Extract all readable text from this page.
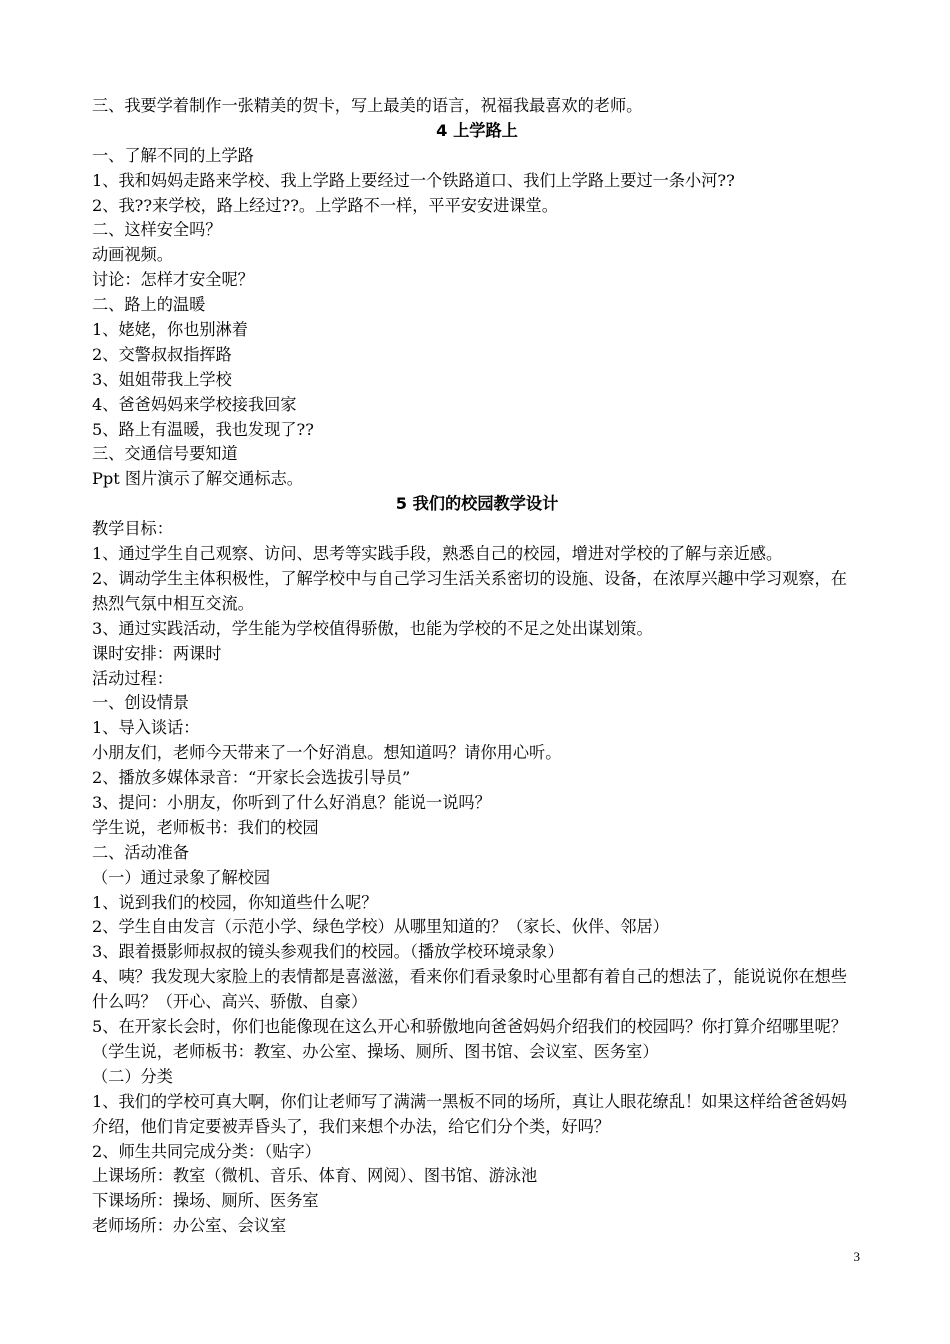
三、我要学着制作一张精美的贺卡，写上最美的语言，祝福我最喜欢的老师。
4 上学路上
一、了解不同的上学路
1、我和妈妈走路来学校、我上学路上要经过一个铁路道口、我们上学路上要过一条小河??
2、我??来学校，路上经过??。上学路不一样，平平安安进课堂。
二、这样安全吗？
动画视频。
讨论：怎样才安全呢？
二、路上的温暖
1、姥姥，你也别淋着
2、交警叔叔指挥路
3、姐姐带我上学校
4、爸爸妈妈来学校接我回家
5、路上有温暖，我也发现了??
三、交通信号要知道
Ppt 图片演示了解交通标志。
5 我们的校园教学设计
教学目标：
1、通过学生自己观察、访问、思考等实践手段，熟悉自己的校园，增进对学校的了解与亲近感。
2、调动学生主体积极性，了解学校中与自己学习生活关系密切的设施、设备，在浓厚兴趣中学习观察，在热烈气氛中相互交流。
3、通过实践活动，学生能为学校值得骄傲，也能为学校的不足之处出谋划策。
课时安排：两课时
活动过程：
一、创设情景
1、导入谈话：
小朋友们，老师今天带来了一个好消息。想知道吗？请你用心听。
2、播放多媒体录音：“开家长会选拔引导员”
3、提问：小朋友，你听到了什么好消息？能说一说吗？
学生说，老师板书：我们的校园
二、活动准备
（一）通过录象了解校园
1、说到我们的校园，你知道些什么呢？
2、学生自由发言（示范小学、绿色学校）从哪里知道的？（家长、伙伴、邻居）
3、跟着摄影师叔叔的镜头参观我们的校园。（播放学校环境录象）
4、咦？我发现大家脸上的表情都是喜滋滋，看来你们看录象时心里都有着自己的想法了，能说说你在想些什么吗？（开心、高兴、骄傲、自豪）
5、在开家长会时，你们也能像现在这么开心和骄傲地向爸爸妈妈介绍我们的校园吗？你打算介绍哪里呢？（学生说，老师板书：教室、办公室、操场、厕所、图书馆、会议室、医务室）
（二）分类
1、我们的学校可真大啊，你们让老师写了满满一黑板不同的场所，真让人眼花缭乱！如果这样给爸爸妈妈介绍，他们肯定要被弄昏头了，我们来想个办法，给它们分个类，好吗？
2、师生共同完成分类：（贴字）
上课场所：教室（微机、音乐、体育、网阅）、图书馆、游泳池
下课场所：操场、厕所、医务室
老师场所：办公室、会议室
3
